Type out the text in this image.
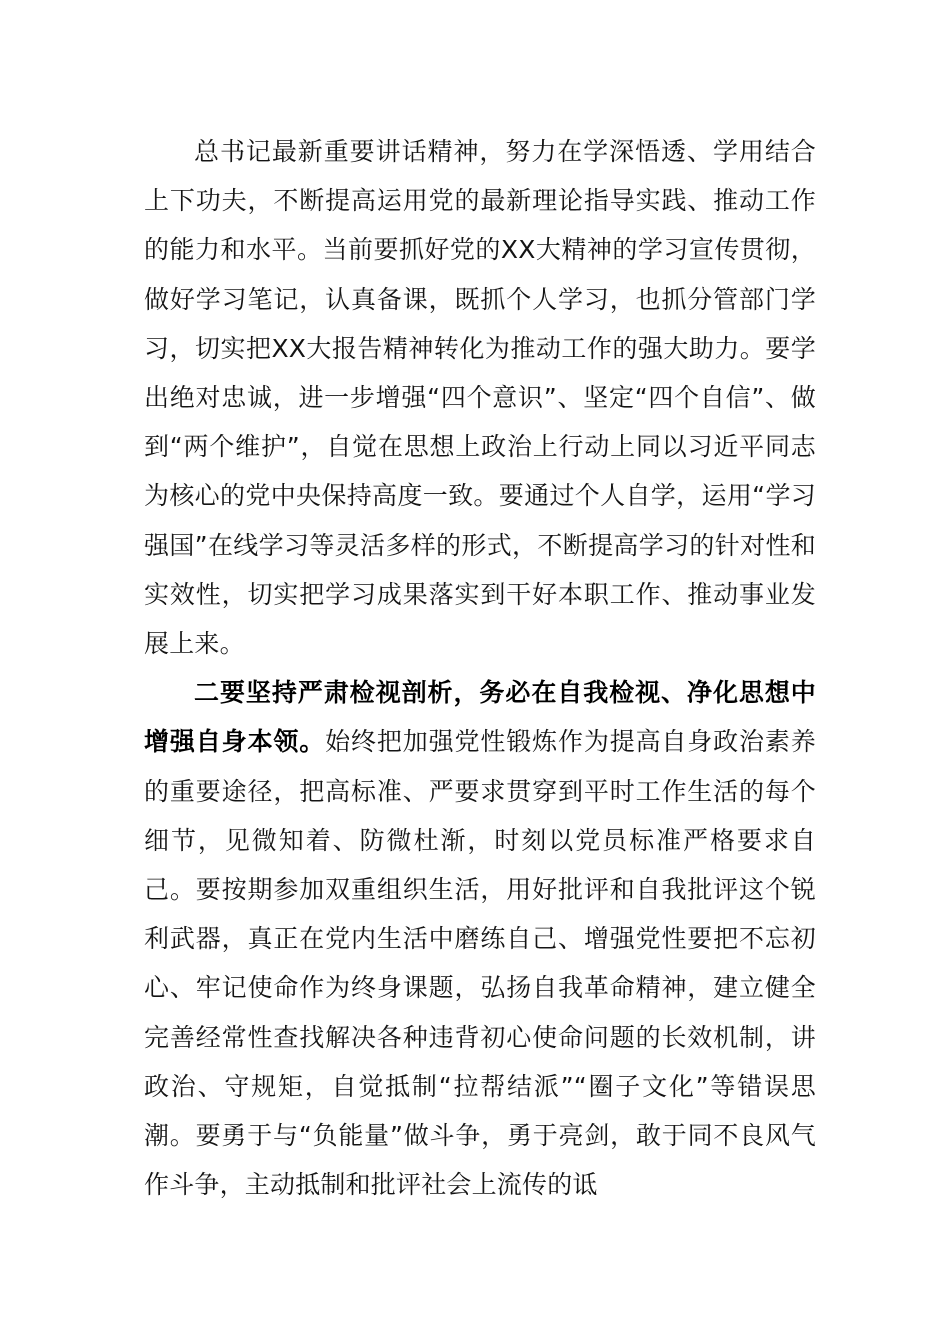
总书记最新重要讲话精神，努力在学深悟透、学用结合上下功夫，不断提高运用党的最新理论指导实践、推动工作的能力和水平。当前要抓好党的XX大精神的学习宣传贯彻，做好学习笔记，认真备课，既抓个人学习，也抓分管部门学习，切实把XX大报告精神转化为推动工作的强大助力。要学出绝对忠诚，进一步增强“四个意识”、坚定“四个自信”、做到“两个维护”，自觉在思想上政治上行动上同以习近平同志为核心的党中央保持高度一致。要通过个人自学，运用“学习强国”在线学习等灵活多样的形式，不断提高学习的针对性和实效性，切实把学习成果落实到干好本职工作、推动事业发展上来。

二要坚持严肃检视剖析，务必在自我检视、净化思想中增强自身本领。始终把加强党性锻炼作为提高自身政治素养的重要途径，把高标准、严要求贯穿到平时工作生活的每个细节，见微知着、防微杜渐，时刻以党员标准严格要求自己。要按期参加双重组织生活，用好批评和自我批评这个锐利武器，真正在党内生活中磨练自己、增强党性要把不忘初心、牢记使命作为终身课题，弘扬自我革命精神，建立健全完善经常性查找解决各种违背初心使命问题的长效机制，讲政治、守规矩，自觉抵制“拉帮结派”“圈子文化”等错误思潮。要勇于与“负能量”做斗争，勇于亮剑，敢于同不良风气作斗争，主动抵制和批评社会上流传的诋
